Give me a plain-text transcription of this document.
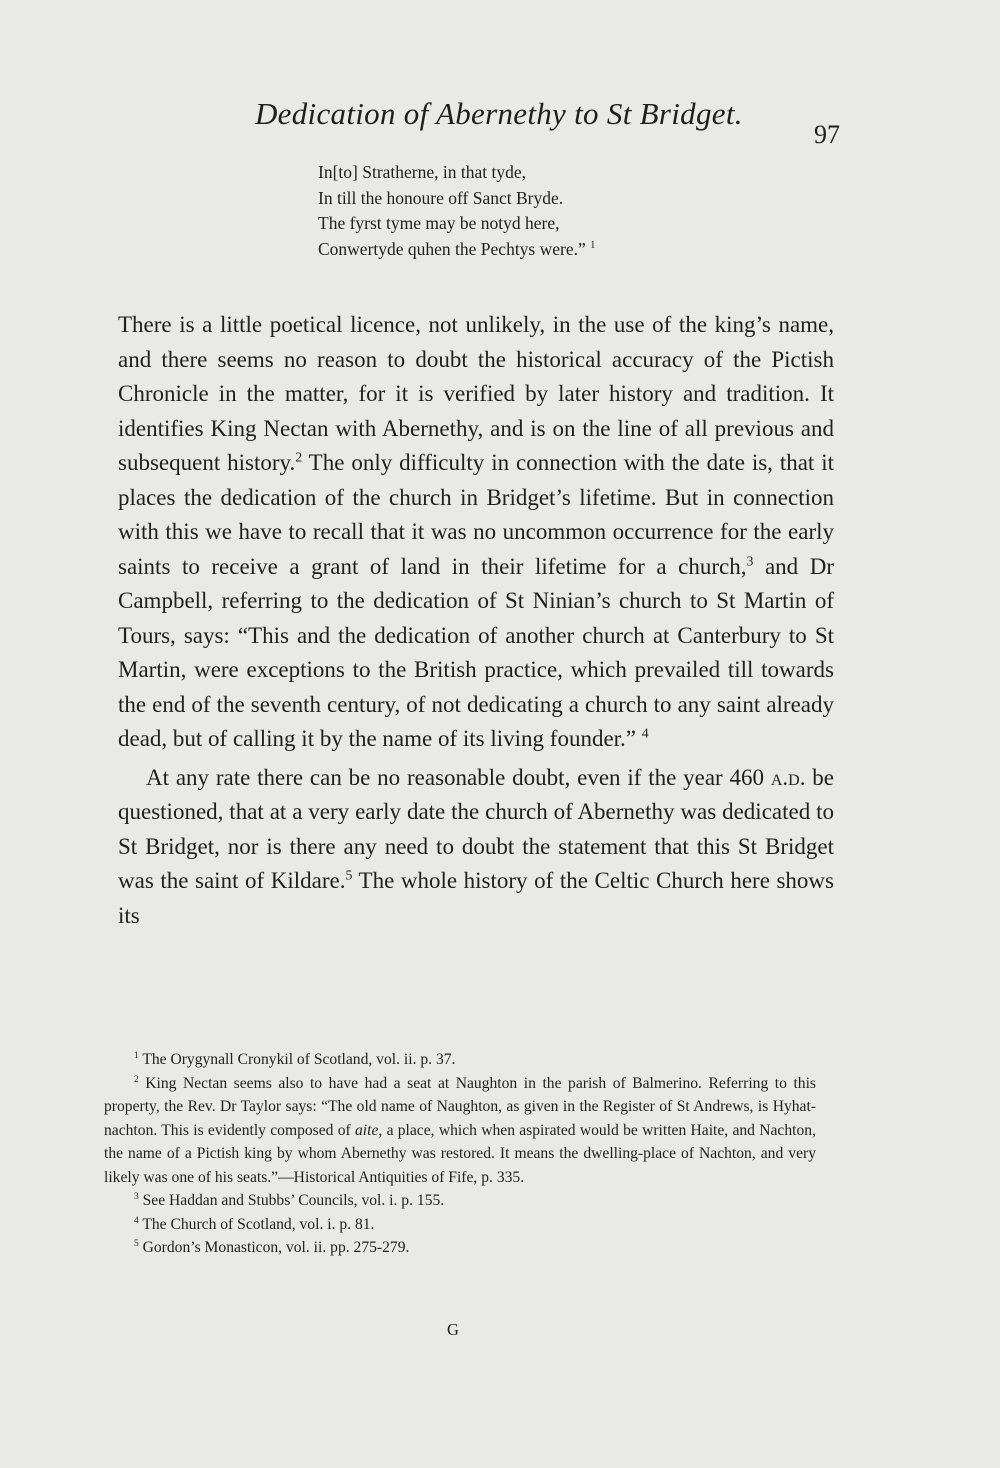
Dedication of Abernethy to St Bridget.
97
In[to] Stratherne, in that tyde,
In till the honoure off Sanct Bryde.
The fyrst tyme may be notyd here,
Conwertyde quhen the Pechtys were.” $^1$

There is a little poetical licence, not unlikely, in the use of the king’s name, and there seems no reason to doubt the historical accuracy of the Pictish Chronicle in the matter, for it is verified by later history and tradition. It identifies King Nectan with Abernethy, and is on the line of all previous and subsequent history.$^2$ The only difficulty in connection with the date is, that it places the dedication of the church in Bridget’s lifetime. But in connection with this we have to recall that it was no uncommon occurrence for the early saints to receive a grant of land in their lifetime for a church,$^3$ and Dr Campbell, referring to the dedication of St Ninian’s church to St Martin of Tours, says: “This and the dedication of another church at Canterbury to St Martin, were exceptions to the British practice, which prevailed till towards the end of the seventh century, of not dedicating a church to any saint already dead, but of calling it by the name of its living founder.” $^4$

At any rate there can be no reasonable doubt, even if the year 460 a.d. be questioned, that at a very early date the church of Abernethy was dedicated to St Bridget, nor is there any need to doubt the statement that this St Bridget was the saint of Kildare.$^5$ The whole history of the Celtic Church here shows its

$^1$ The Orygynall Cronykil of Scotland, vol. ii. p. 37.
$^2$ King Nectan seems also to have had a seat at Naughton in the parish of Balmerino. Referring to this property, the Rev. Dr Taylor says: “The old name of Naughton, as given in the Register of St Andrews, is Hyhat-nachton. This is evidently composed of aite, a place, which when aspirated would be written Haite, and Nachton, the name of a Pictish king by whom Abernethy was restored. It means the dwelling-place of Nachton, and very likely was one of his seats.”—Historical Antiquities of Fife, p. 335.
$^3$ See Haddan and Stubbs’ Councils, vol. i. p. 155.
$^4$ The Church of Scotland, vol. i. p. 81.
$^5$ Gordon’s Monasticon, vol. ii. pp. 275-279.
G
